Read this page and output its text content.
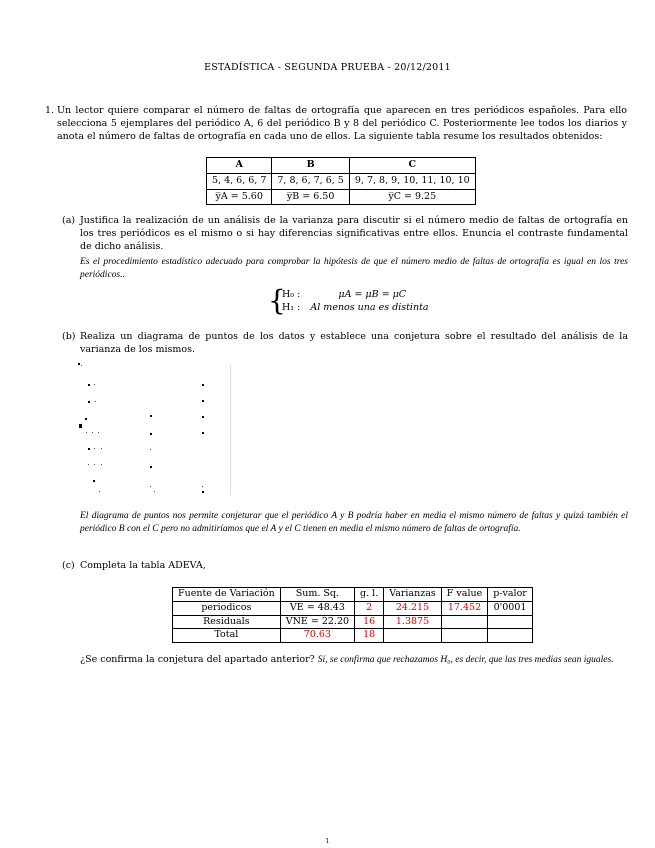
ESTADÍSTICA - SEGUNDA PRUEBA - 20/12/2011
1. Un lector quiere comparar el número de faltas de ortografía que aparecen en tres periódicos españoles. Para ello selecciona 5 ejemplares del periódico A, 6 del periódico B y 8 del periódico C. Posteriormente lee todos los diarios y anota el número de faltas de ortografía en cada uno de ellos. La siguiente tabla resume los resultados obtenidos:
A	B	C
5, 4, 6, 6, 7	7, 8, 6, 7, 6, 5	9, 7, 8, 9, 10, 11, 10, 10
y̅A = 5.60	y̅B = 6.50	y̅C = 9.25
(a) Justifica la realización de un análisis de la varianza para discutir si el número medio de faltas de ortografía en los tres periódicos es el mismo o si hay diferencias significativas entre ellos. Enuncia el contraste fundamental de dicho análisis.
Es el procedimiento estadístico adecuado para comprobar la hipótesis de que el número medio de faltas de ortografía es igual en los tres periódicos..
{
H₀ :	μA = μB = μC
H₁ : Al menos una es distinta
(b) Realiza un diagrama de puntos de los datos y establece una conjetura sobre el resultado del análisis de la varianza de los mismos.
El diagrama de puntos nos permite conjeturar que el periódico A y B podría haber en media el mismo número de faltas y quizá también el periódico B con el C pero no admitiríamos que el A y el C tienen en media el mismo número de faltas de ortografía.
(c) Completa la tabla ADEVA,
Fuente de Variación	Sum. Sq.	g. l.	Varianzas	F value	p-valor
periodicos	VE = 48.43	2	24.215	17.452	0'0001
Residuals	VNE = 22.20	16	1.3875		
Total	70.63	18			
¿Se confirma la conjetura del apartado anterior? Sí, se confirma que rechazamos H₀, es decir, que las tres medias sean iguales.
1
